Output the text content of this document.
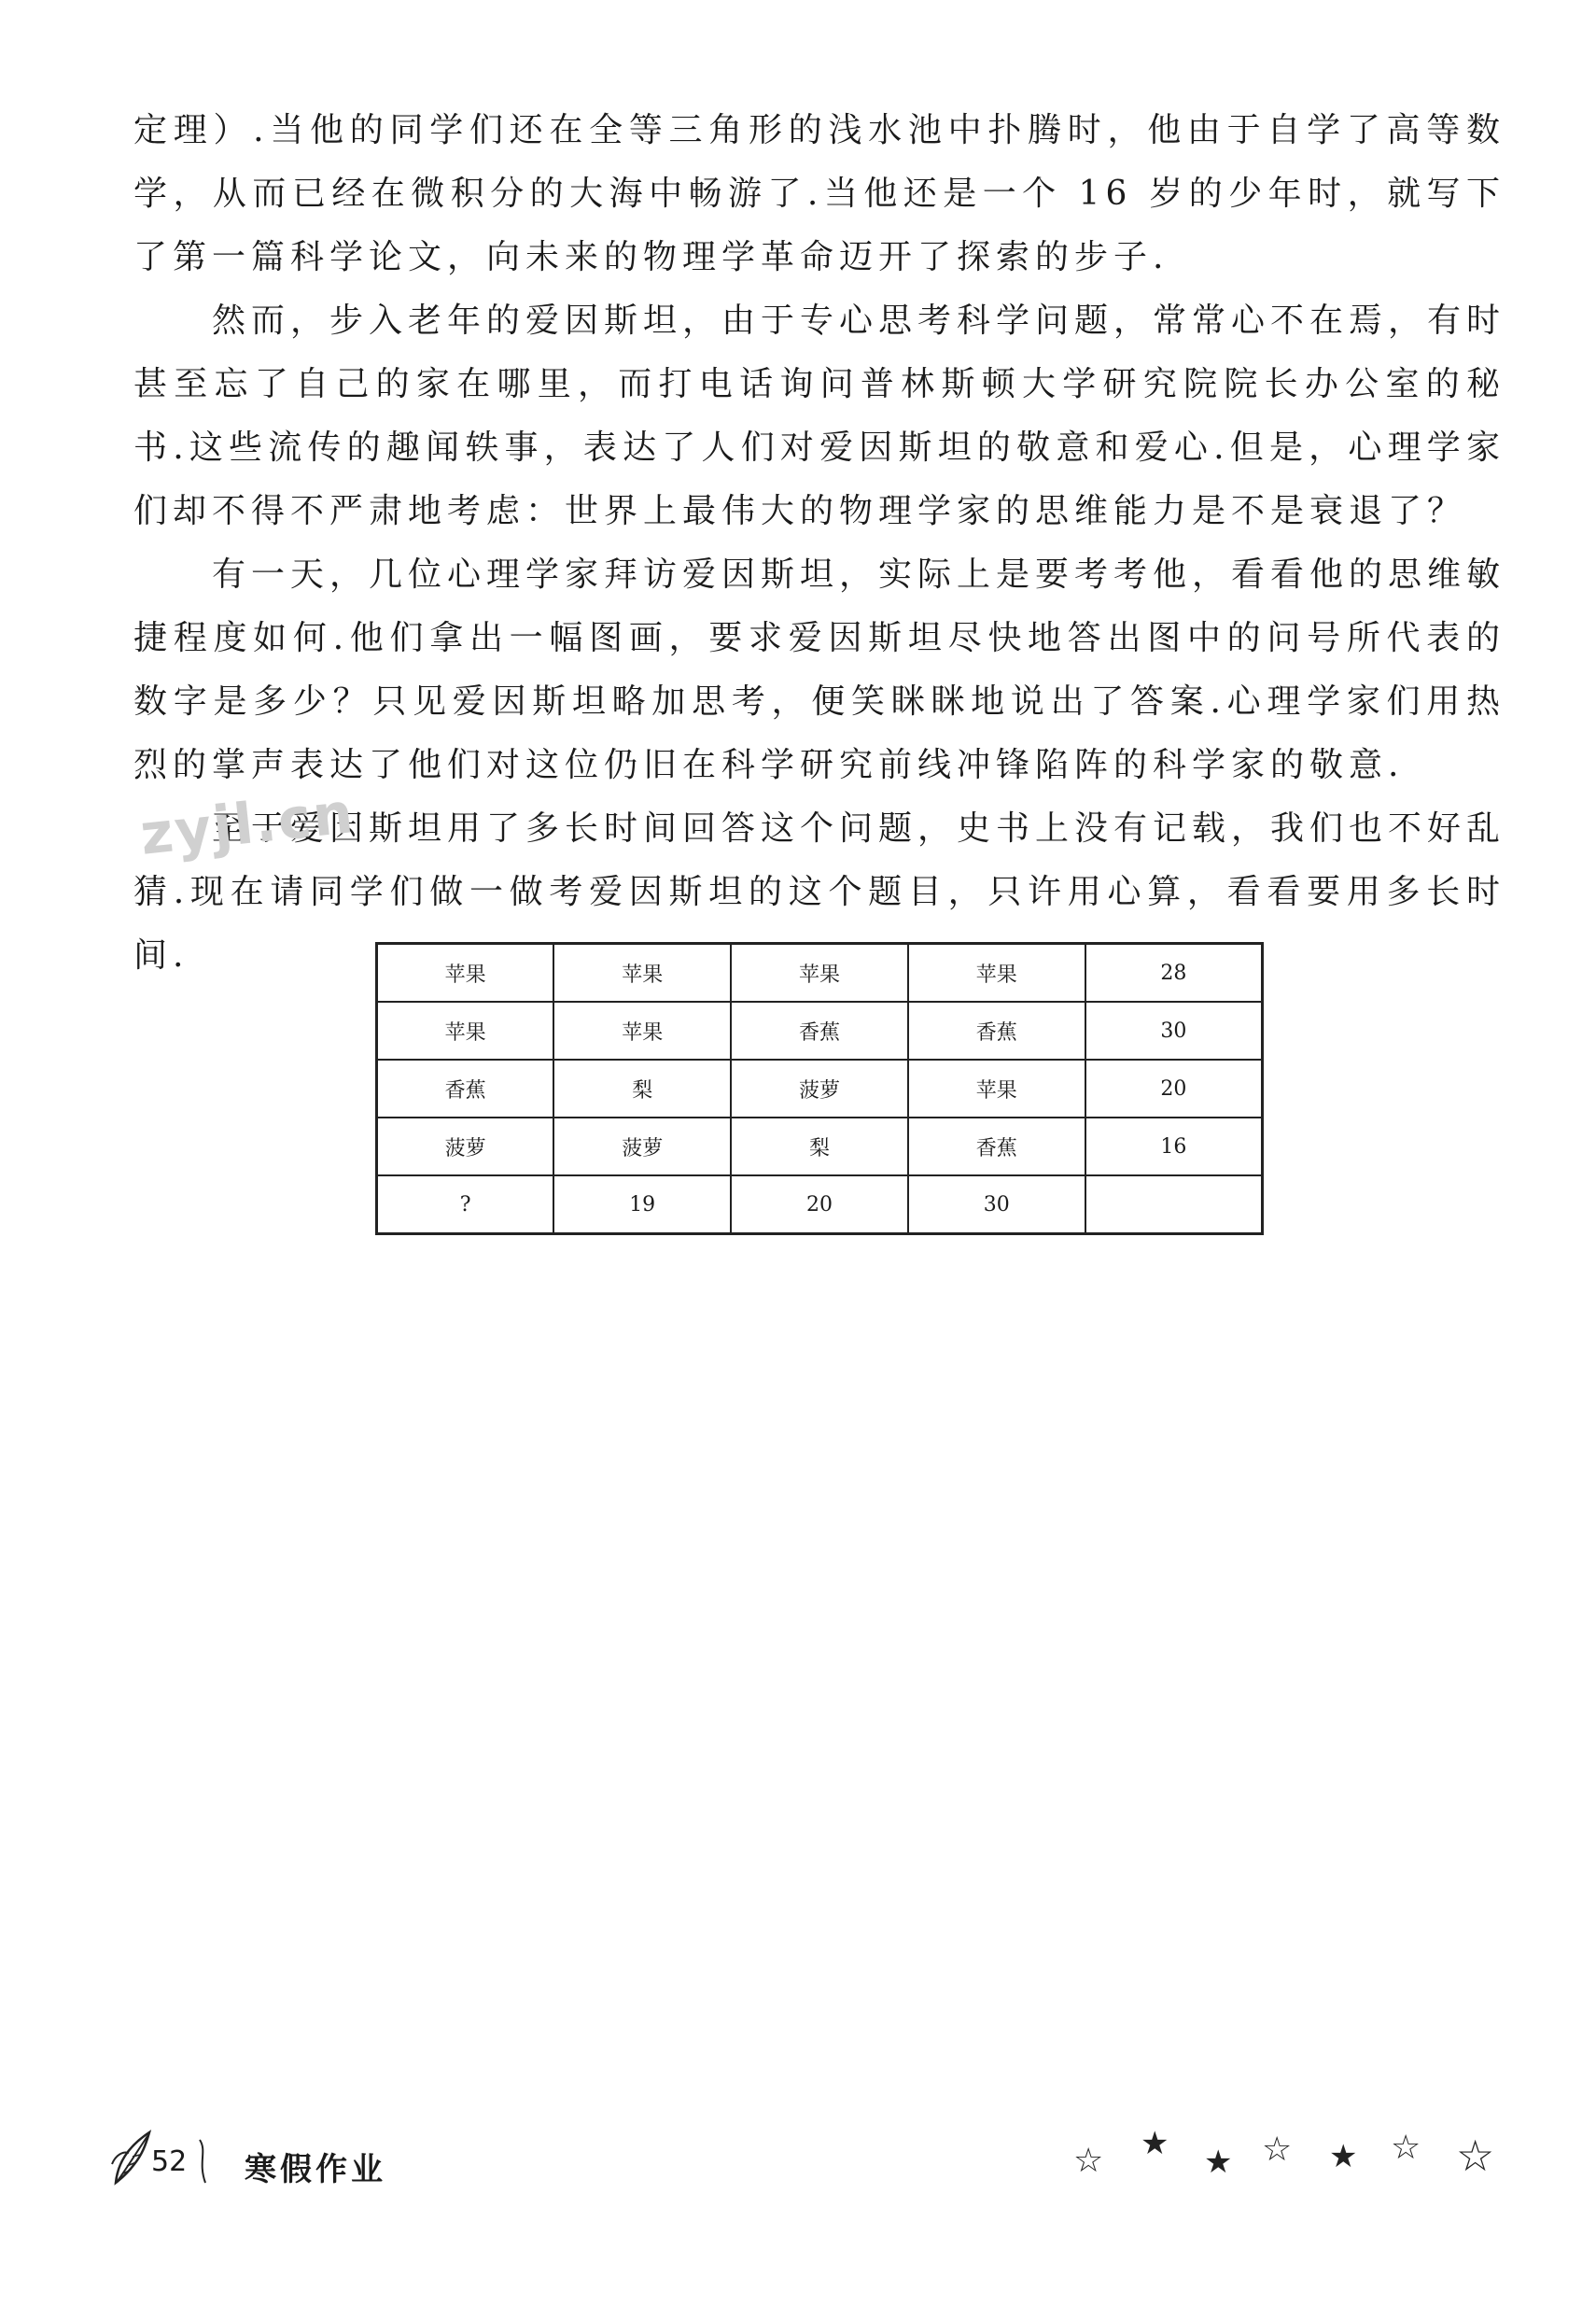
定理）.当他的同学们还在全等三角形的浅水池中扑腾时，他由于自学了高等数学，从而已经在微积分的大海中畅游了.当他还是一个 16 岁的少年时，就写下了第一篇科学论文，向未来的物理学革命迈开了探索的步子.

然而，步入老年的爱因斯坦，由于专心思考科学问题，常常心不在焉，有时甚至忘了自己的家在哪里，而打电话询问普林斯顿大学研究院院长办公室的秘书.这些流传的趣闻轶事，表达了人们对爱因斯坦的敬意和爱心.但是，心理学家们却不得不严肃地考虑：世界上最伟大的物理学家的思维能力是不是衰退了？

有一天，几位心理学家拜访爱因斯坦，实际上是要考考他，看看他的思维敏捷程度如何.他们拿出一幅图画，要求爱因斯坦尽快地答出图中的问号所代表的数字是多少？只见爱因斯坦略加思考，便笑眯眯地说出了答案.心理学家们用热烈的掌声表达了他们对这位仍旧在科学研究前线冲锋陷阵的科学家的敬意.

至于爱因斯坦用了多长时间回答这个问题，史书上没有记载，我们也不好乱猜.现在请同学们做一做考爱因斯坦的这个题目，只许用心算，看看要用多长时间.

zyjl.cn
苹果	苹果	苹果	苹果	28
苹果	苹果	香蕉	香蕉	30
香蕉	梨	菠萝	苹果	20
菠萝	菠萝	梨	香蕉	16
?	19	20	30	
52 寒假作业	☆ ★ ★ ☆ ★ ☆ ☆
